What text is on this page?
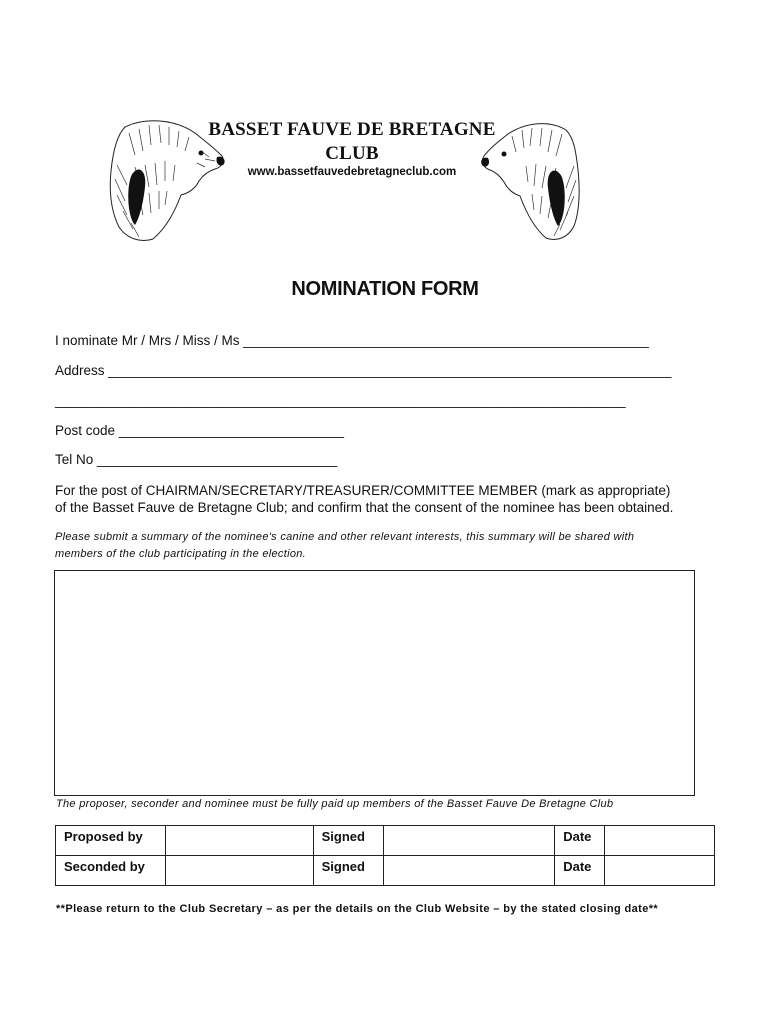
BASSET FAUVE DE BRETAGNE
CLUB
www.bassetfauvedebretagneclub.com
NOMINATION FORM
I nominate Mr / Mrs / Miss / Ms ______________________________________________________
Address ___________________________________________________________________________
____________________________________________________________________________
Post code ______________________________
Tel No ________________________________
For the post of CHAIRMAN/SECRETARY/TREASURER/COMMITTEE MEMBER (mark as appropriate)
of the Basset Fauve de Bretagne Club; and confirm that the consent of the nominee has been obtained.
Please submit a summary of the nominee's canine and other relevant interests, this summary will be shared with
members of the club participating in the election.
The proposer, seconder and nominee must be fully paid up members of the Basset Fauve De Bretagne Club
Proposed by		Signed		Date	

Seconded by		Signed		Date	

**Please return to the Club Secretary – as per the details on the Club Website – by the stated closing date**
